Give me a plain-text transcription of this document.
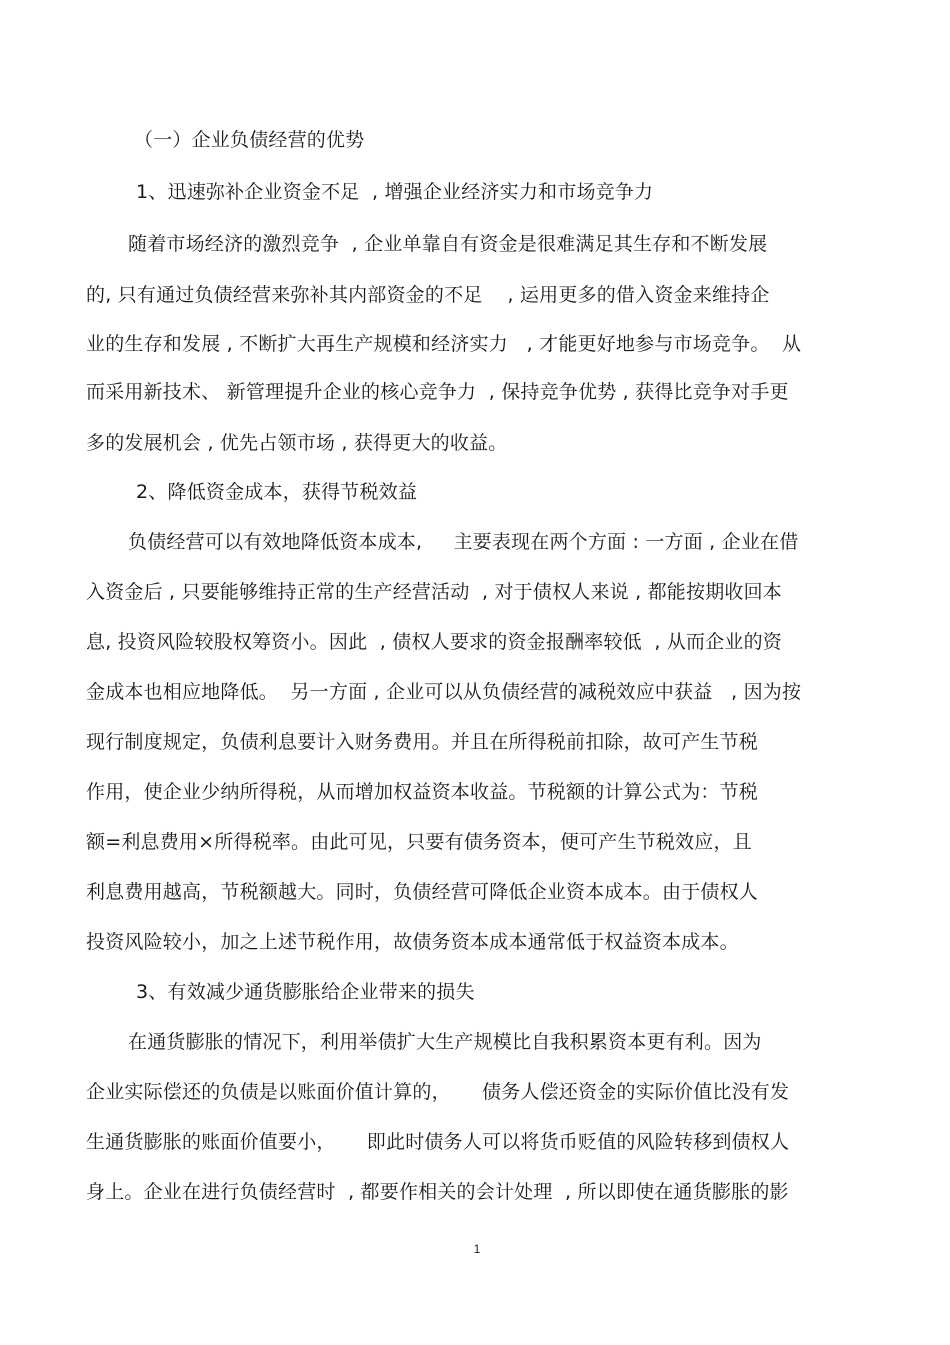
（一）企业负债经营的优势
1、迅速弥补企业资金不足  , 增强企业经济实力和市场竞争力
随着市场经济的激烈竞争  , 企业单靠自有资金是很难满足其生存和不断发展
的, 只有通过负债经营来弥补其内部资金的不足    , 运用更多的借入资金来维持企
业的生存和发展 , 不断扩大再生产规模和经济实力   , 才能更好地参与市场竞争。  从
而采用新技术、 新管理提升企业的核心竞争力  , 保持竞争优势 , 获得比竞争对手更
多的发展机会 , 优先占领市场 , 获得更大的收益。
2、降低资金成本，获得节税效益
负债经营可以有效地降低资本成本,     主要表现在两个方面 : 一方面 , 企业在借
入资金后 , 只要能够维持正常的生产经营活动  , 对于债权人来说 , 都能按期收回本
息, 投资风险较股权筹资小。因此  , 债权人要求的资金报酬率较低  , 从而企业的资
金成本也相应地降低。  另一方面 , 企业可以从负债经营的减税效应中获益   , 因为按
现行制度规定，负债利息要计入财务费用。并且在所得税前扣除，故可产生节税
作用，使企业少纳所得税，从而增加权益资本收益。节税额的计算公式为：节税
额=利息费用×所得税率。由此可见，只要有债务资本，便可产生节税效应，且
利息费用越高，节税额越大。同时，负债经营可降低企业资本成本。由于债权人
投资风险较小，加之上述节税作用，故债务资本成本通常低于权益资本成本。
3、有效减少通货膨胀给企业带来的损失
在通货膨胀的情况下，利用举债扩大生产规模比自我积累资本更有利。因为
企业实际偿还的负债是以账面价值计算的，     债务人偿还资金的实际价值比没有发
生通货膨胀的账面价值要小，     即此时债务人可以将货币贬值的风险转移到债权人
身上。企业在进行负债经营时  , 都要作相关的会计处理  , 所以即使在通货膨胀的影
1
